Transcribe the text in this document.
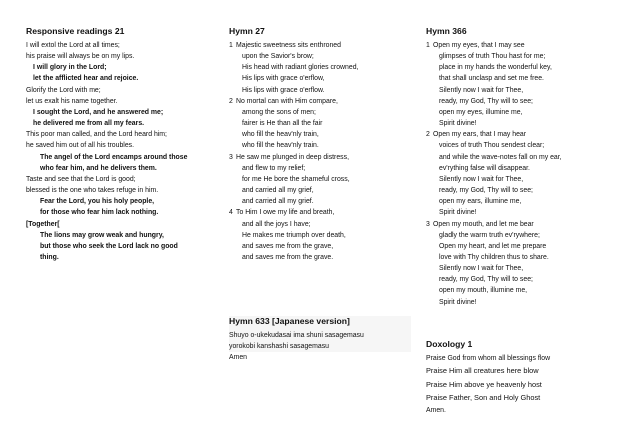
Responsive readings 21
I will extol the Lord at all times;
his praise will always be on my lips.
I will glory in the Lord;
let the afflicted hear and rejoice.
Glorify the Lord with me;
let us exalt his name together.
I sought the Lord, and he answered me;
he delivered me from all my fears.
This poor man called, and the Lord heard him;
he saved him out of all his troubles.
The angel of the Lord encamps around those
who fear him, and he delivers them.
Taste and see that the Lord is good;
blessed is the one who takes refuge in him.
Fear the Lord, you his holy people,
for those who fear him lack nothing.
[Together[
The lions may grow weak and hungry,
but those who seek the Lord lack no good
thing.
Hymn 27
1 Majestic sweetness sits enthroned
upon the Savior's brow;
His head with radiant glories crowned,
His lips with grace o'erflow,
His lips with grace o'erflow.
2 No mortal can with Him compare,
among the sons of men;
fairer is He than all the fair
who fill the heav'nly train,
who fill the heav'nly train.
3 He saw me plunged in deep distress,
and flew to my relief;
for me He bore the shameful cross,
and carried all my grief,
and carried all my grief.
4 To Him I owe my life and breath,
and all the joys I have;
He makes me triumph over death,
and saves me from the grave,
and saves me from the grave.
Hymn 633 [Japanese version]
Shuyo o-ukekudasai ima shuni sasagemasu
yorokobi kanshashi sasagemasu
Amen
Hymn 366
1 Open my eyes, that I may see
glimpses of truth Thou hast for me;
place in my hands the wonderful key,
that shall unclasp and set me free.
Silently now I wait for Thee,
ready, my God, Thy will to see;
open my eyes, illumine me,
Spirit divine!
2 Open my ears, that I may hear
voices of truth Thou sendest clear;
and while the wave-notes fall on my ear,
ev'rything false will disappear.
Silently now I wait for Thee,
ready, my God, Thy will to see;
open my ears, illumine me,
Spirit divine!
3 Open my mouth, and let me bear
gladly the warm truth ev'rywhere;
Open my heart, and let me prepare
love with Thy children thus to share.
Silently now I wait for Thee,
ready, my God, Thy will to see;
open my mouth, illumine me,
Spirit divine!
Doxology 1
Praise God from whom all blessings flow
Praise Him all creatures here blow
Praise Him above ye heavenly host
Praise Father, Son and Holy Ghost
Amen.
